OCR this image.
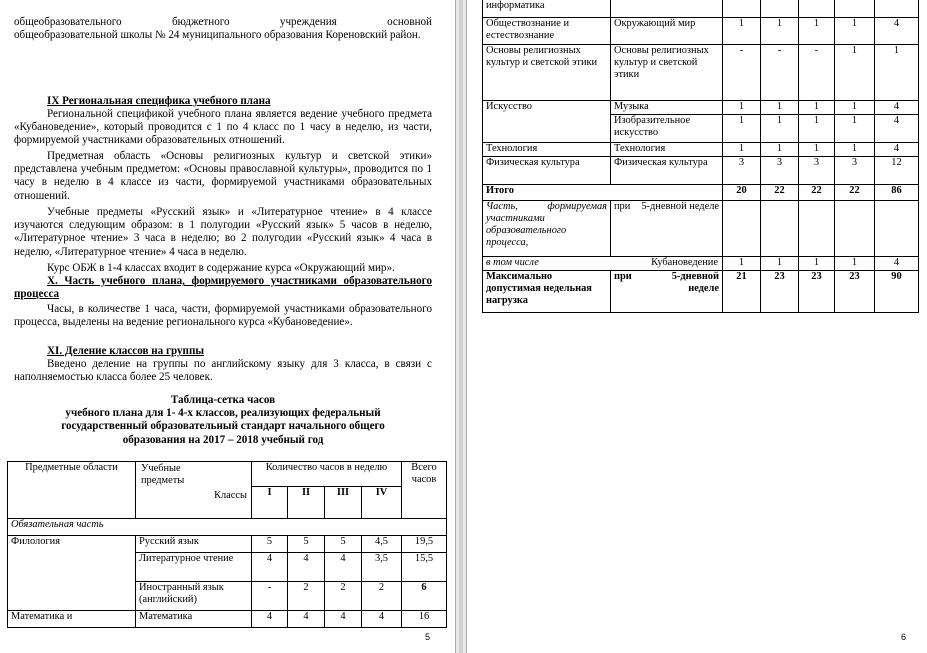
общеобразовательного бюджетного учреждения основной
общеобразовательной школы № 24 муниципального образования Кореновский район.
IX Региональная специфика учебного плана
Региональной спецификой учебного плана является ведение учебного предмета «Кубановедение», который проводится с 1 по 4 класс по 1 часу в неделю, из части, формируемой участниками образовательных отношений.
Предметная область «Основы религиозных культур и светской этики» представлена учебным предметом: «Основы православной культуры», проводится по 1 часу в неделю в 4 классе из части, формируемой участниками образовательных отношений.
Учебные предметы «Русский язык» и «Литературное чтение» в 4 классе изучаются следующим образом: в 1 полугодии «Русский язык» 5 часов в неделю, «Литературное чтение» 3 часа в неделю; во 2 полугодии «Русский язык» 4 часа в неделю, «Литературное чтение» 4 часа в неделю.
Курс ОБЖ в 1-4 классах входит в содержание курса «Окружающий мир».
X. Часть учебного плана, формируемого участниками образовательного процесса
Часы, в количестве 1 часа, части, формируемой участниками образовательного процесса, выделены на ведение регионального курса «Кубановедение».
XI. Деление классов на группы
Введено деление на группы по английскому языку для 3 класса, в связи с наполняемостью класса более 25 человек.
Таблица-сетка часов
учебного плана для 1- 4-х классов, реализующих федеральный
государственный образовательный стандарт начального общего
образования на 2017 – 2018 учебный год
Предметные области	Учебные предметы
Классы	Количество часов в неделю				Всего часов
		I	II	III	IV	
Обязательная часть						
Филология	Русский язык	5	5	5	4,5	19,5
	Литературное чтение	4	4	4	3,5	15,5
	Иностранный язык (английский)	-	2	2	2	6
Математика и	Математика	4	4	4	4	16
5
информатика						
Обществознание и естествознание	Окружающий мир	1	1	1	1	4
Основы религиозных культур и светской этики	Основы религиозных культур и светской этики	-	-	-	1	1
Искусство	Музыка	1	1	1	1	4
	Изобразительное искусство	1	1	1	1	4
Технология	Технология	1	1	1	1	4
Физическая культура	Физическая культура	3	3	3	3	12
Итого		20	22	22	22	86
Часть, формируемая участниками образовательного процесса,	при 5-дневной неделе					

в том числе Кубановедение		1	1	1	1	4
Максимально допустимая недельная нагрузка	при 5-дневной неделе	21	23	23	23	90
6
